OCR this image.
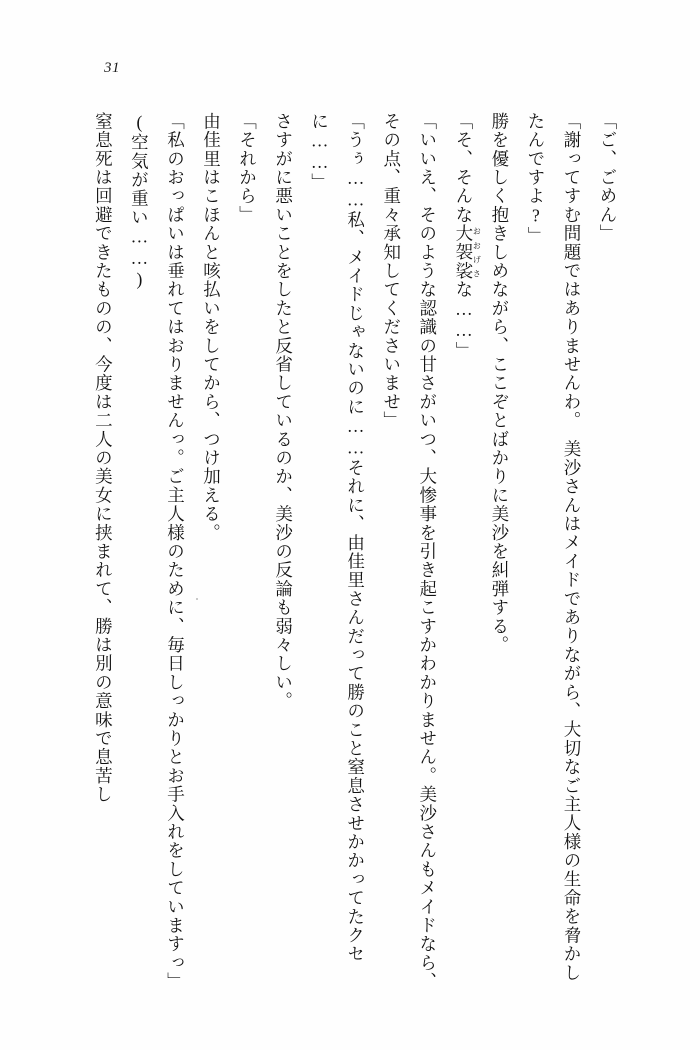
31

「ご、ごめん」

「謝ってすむ問題ではありませんわ。　美沙さんはメイドでありながら、大切なご主人様の生命を脅かしたんですよ?」

勝を優しく抱きしめながら、ここぞとばかりに美沙を糾弾する。

「そ、そんな大袈裟おおげさな……」

「いいえ、そのような認識の甘さがいつ、大惨事を引き起こすかわかりません。美沙さんもメイドなら、その点、重々承知してくださいませ」

「うぅ……私、メイドじゃないのに……それに、由佳里さんだって勝のこと窒息させかかってたクセに……」

さすがに悪いことをしたと反省しているのか、美沙の反論も弱々しい。

「それから」

由佳里はこほんと咳払いをしてから、つけ加える。

「私のおっぱいは垂れてはおりませんっ。ご主人様のために、毎日しっかりとお手入れをしていますっ」

(空気が重い……)

窒息死は回避できたものの、今度は二人の美女に挟まれて、勝は別の意味で息苦し
